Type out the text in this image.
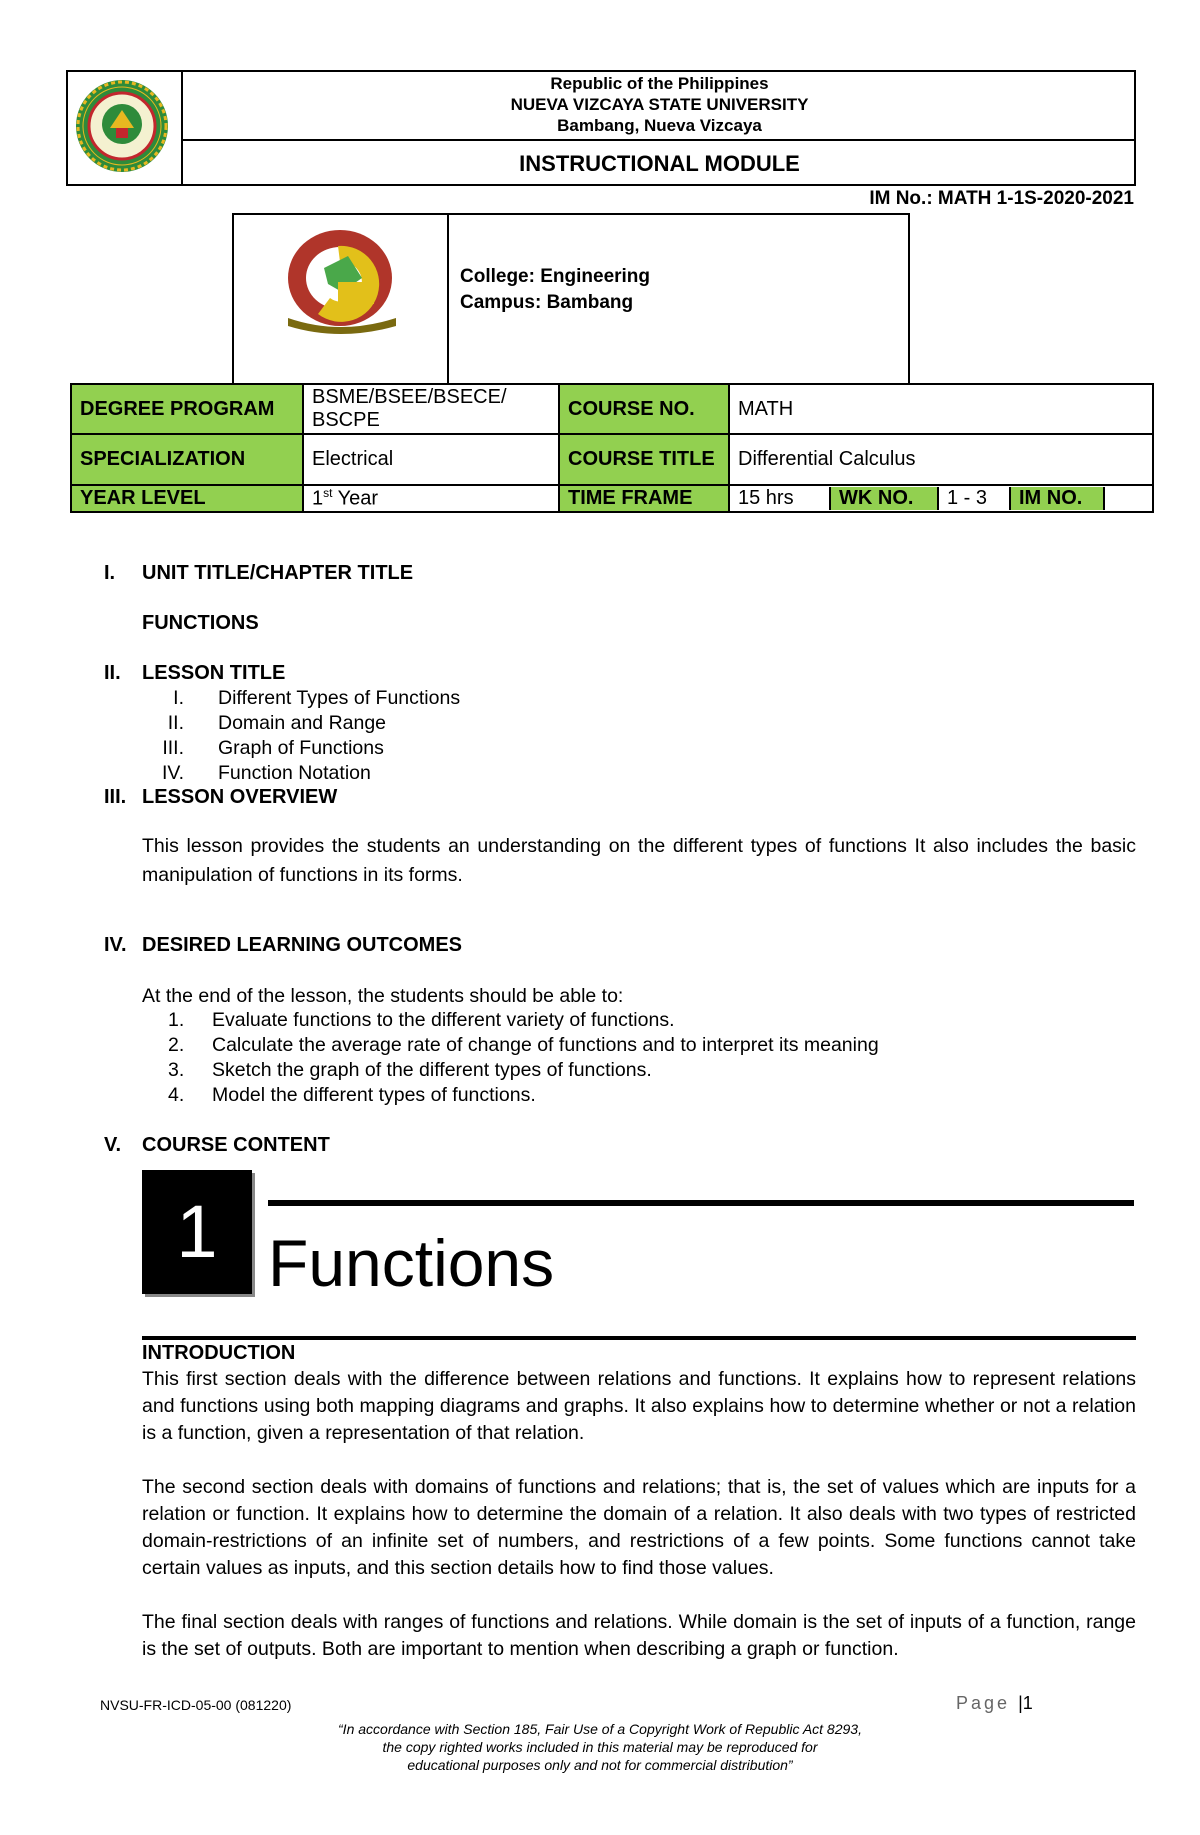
Republic of the Philippines
NUEVA VIZCAYA STATE UNIVERSITY
Bambang, Nueva Vizcaya
INSTRUCTIONAL MODULE
IM No.: MATH 1-1S-2020-2021
College: Engineering
Campus: Bambang
DEGREE PROGRAM	BSME/BSEE/BSECE/ BSCPE	COURSE NO.	MATH
SPECIALIZATION	Electrical	COURSE TITLE	Differential Calculus
YEAR LEVEL	1st Year	TIME FRAME	15 hrs	WK NO.	1 - 3	IM NO.	
I. UNIT TITLE/CHAPTER TITLE
FUNCTIONS
II. LESSON TITLE
I.	Different Types of Functions
II.	Domain and Range
III.	Graph of Functions
IV.	Function Notation
III. LESSON OVERVIEW
This lesson provides the students an understanding on the different types of functions It also includes the basic manipulation of functions in its forms.
IV. DESIRED LEARNING OUTCOMES
At the end of the lesson, the students should be able to:
1.	Evaluate functions to the different variety of functions.
2.	Calculate the average rate of change of functions and to interpret its meaning
3.	Sketch the graph of the different types of functions.
4.	Model the different types of functions.
V. COURSE CONTENT
1 Functions
INTRODUCTION
This first section deals with the difference between relations and functions. It explains how to represent relations and functions using both mapping diagrams and graphs. It also explains how to determine whether or not a relation is a function, given a representation of that relation.
The second section deals with domains of functions and relations; that is, the set of values which are inputs for a relation or function. It explains how to determine the domain of a relation. It also deals with two types of restricted domain-restrictions of an infinite set of numbers, and restrictions of a few points. Some functions cannot take certain values as inputs, and this section details how to find those values.
The final section deals with ranges of functions and relations. While domain is the set of inputs of a function, range is the set of outputs. Both are important to mention when describing a graph or function.
NVSU-FR-ICD-05-00 (081220)	Page |1
“In accordance with Section 185, Fair Use of a Copyright Work of Republic Act 8293,
the copy righted works included in this material may be reproduced for
educational purposes only and not for commercial distribution”
